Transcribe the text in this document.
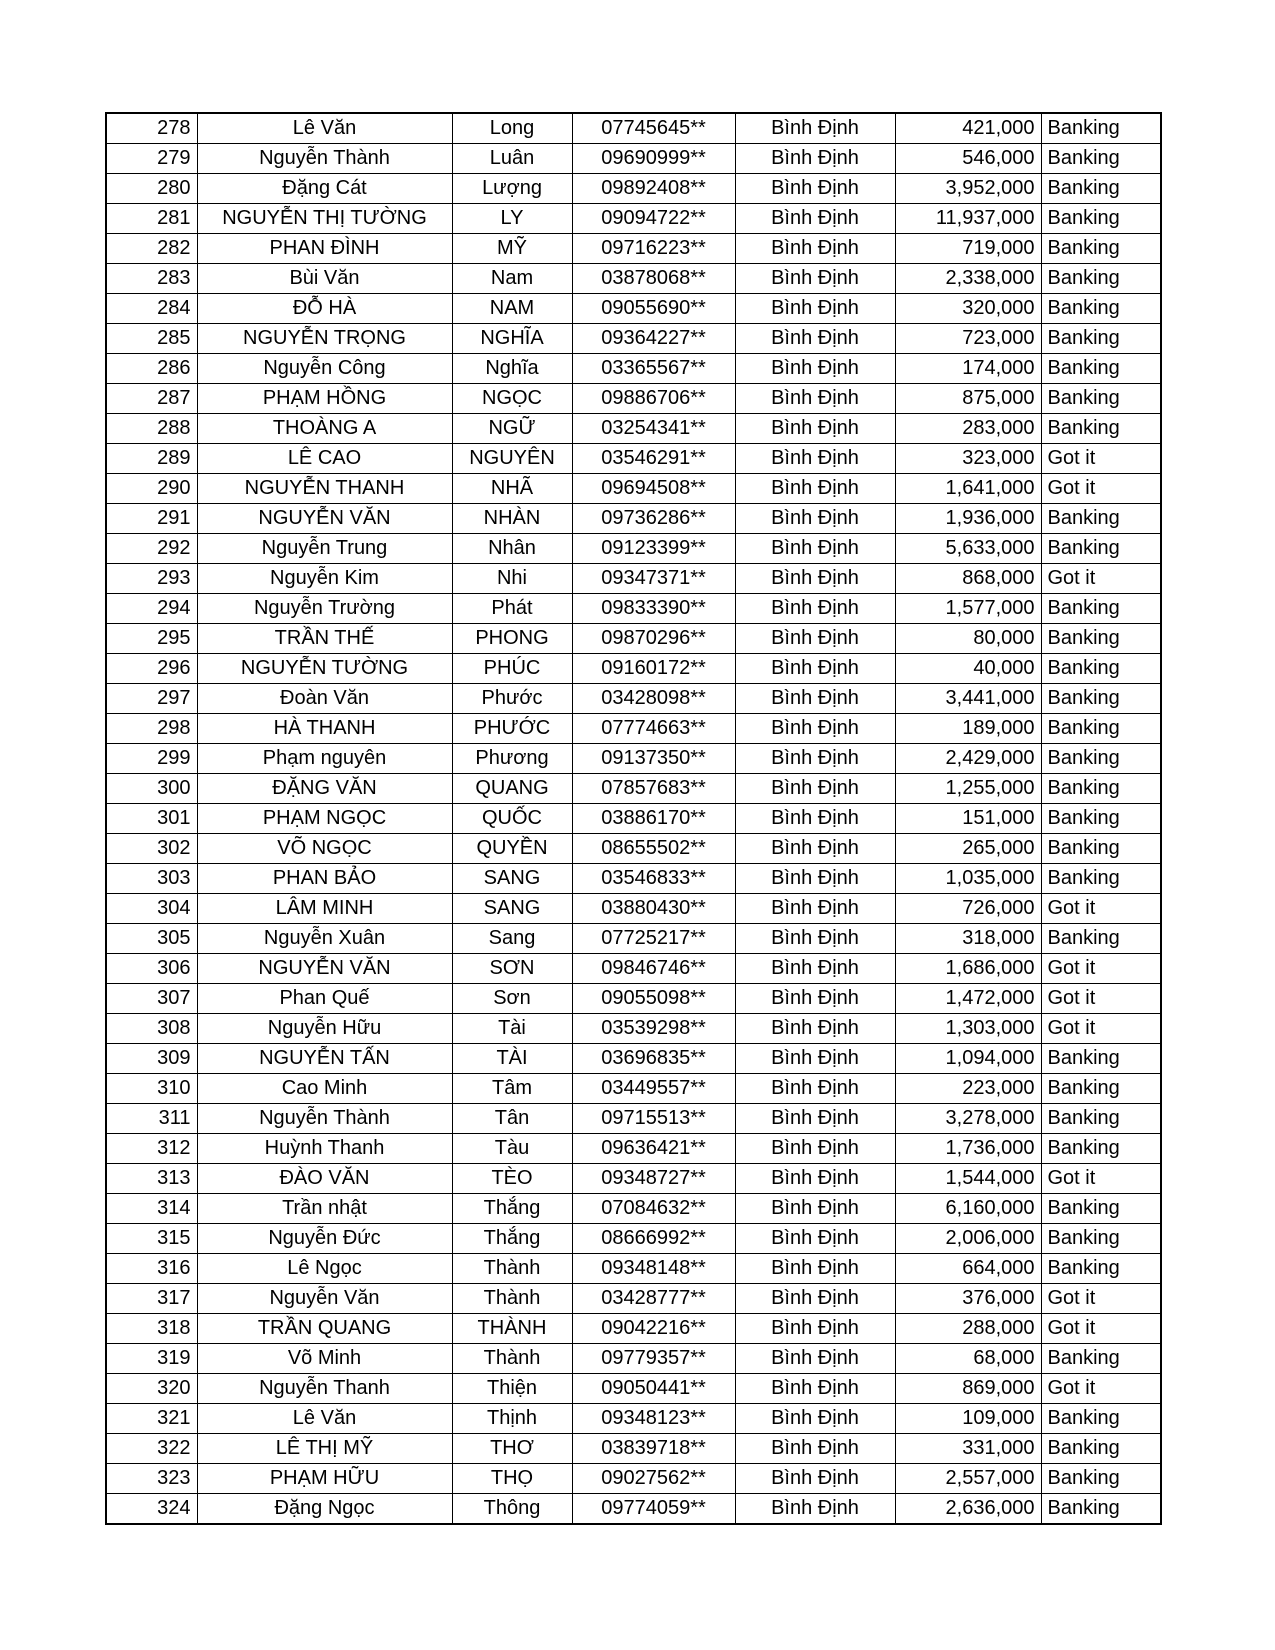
278	Lê Văn	Long	07745645**	Bình Định	421,000	Banking
279	Nguyễn Thành	Luân	09690999**	Bình Định	546,000	Banking
280	Đặng Cát	Lượng	09892408**	Bình Định	3,952,000	Banking
281	NGUYỄN THỊ TƯỜNG	LY	09094722**	Bình Định	11,937,000	Banking
282	PHAN ĐÌNH	MỸ	09716223**	Bình Định	719,000	Banking
283	Bùi Văn	Nam	03878068**	Bình Định	2,338,000	Banking
284	ĐỖ HÀ	NAM	09055690**	Bình Định	320,000	Banking
285	NGUYỄN TRỌNG	NGHĨA	09364227**	Bình Định	723,000	Banking
286	Nguyễn Công	Nghĩa	03365567**	Bình Định	174,000	Banking
287	PHẠM HỒNG	NGỌC	09886706**	Bình Định	875,000	Banking
288	THOÀNG A	NGỮ	03254341**	Bình Định	283,000	Banking
289	LÊ CAO	NGUYÊN	03546291**	Bình Định	323,000	Got it
290	NGUYỄN THANH	NHÃ	09694508**	Bình Định	1,641,000	Got it
291	NGUYỄN VĂN	NHÀN	09736286**	Bình Định	1,936,000	Banking
292	Nguyễn Trung	Nhân	09123399**	Bình Định	5,633,000	Banking
293	Nguyễn Kim	Nhi	09347371**	Bình Định	868,000	Got it
294	Nguyễn Trường	Phát	09833390**	Bình Định	1,577,000	Banking
295	TRẦN THẾ	PHONG	09870296**	Bình Định	80,000	Banking
296	NGUYỄN TƯỜNG	PHÚC	09160172**	Bình Định	40,000	Banking
297	Đoàn Văn	Phước	03428098**	Bình Định	3,441,000	Banking
298	HÀ THANH	PHƯỚC	07774663**	Bình Định	189,000	Banking
299	Phạm nguyên	Phương	09137350**	Bình Định	2,429,000	Banking
300	ĐẶNG VĂN	QUANG	07857683**	Bình Định	1,255,000	Banking
301	PHẠM NGỌC	QUỐC	03886170**	Bình Định	151,000	Banking
302	VÕ NGỌC	QUYỀN	08655502**	Bình Định	265,000	Banking
303	PHAN BẢO	SANG	03546833**	Bình Định	1,035,000	Banking
304	LÂM MINH	SANG	03880430**	Bình Định	726,000	Got it
305	Nguyễn Xuân	Sang	07725217**	Bình Định	318,000	Banking
306	NGUYỄN VĂN	SƠN	09846746**	Bình Định	1,686,000	Got it
307	Phan Quế	Sơn	09055098**	Bình Định	1,472,000	Got it
308	Nguyễn Hữu	Tài	03539298**	Bình Định	1,303,000	Got it
309	NGUYỄN TẤN	TÀI	03696835**	Bình Định	1,094,000	Banking
310	Cao Minh	Tâm	03449557**	Bình Định	223,000	Banking
311	Nguyễn Thành	Tân	09715513**	Bình Định	3,278,000	Banking
312	Huỳnh Thanh	Tàu	09636421**	Bình Định	1,736,000	Banking
313	ĐÀO VĂN	TÈO	09348727**	Bình Định	1,544,000	Got it
314	Trần nhật	Thắng	07084632**	Bình Định	6,160,000	Banking
315	Nguyễn Đức	Thắng	08666992**	Bình Định	2,006,000	Banking
316	Lê Ngọc	Thành	09348148**	Bình Định	664,000	Banking
317	Nguyễn Văn	Thành	03428777**	Bình Định	376,000	Got it
318	TRẦN QUANG	THÀNH	09042216**	Bình Định	288,000	Got it
319	Võ Minh	Thành	09779357**	Bình Định	68,000	Banking
320	Nguyễn Thanh	Thiện	09050441**	Bình Định	869,000	Got it
321	Lê Văn	Thịnh	09348123**	Bình Định	109,000	Banking
322	LÊ THỊ MỸ	THƠ	03839718**	Bình Định	331,000	Banking
323	PHẠM HỮU	THỌ	09027562**	Bình Định	2,557,000	Banking
324	Đặng Ngọc	Thông	09774059**	Bình Định	2,636,000	Banking
